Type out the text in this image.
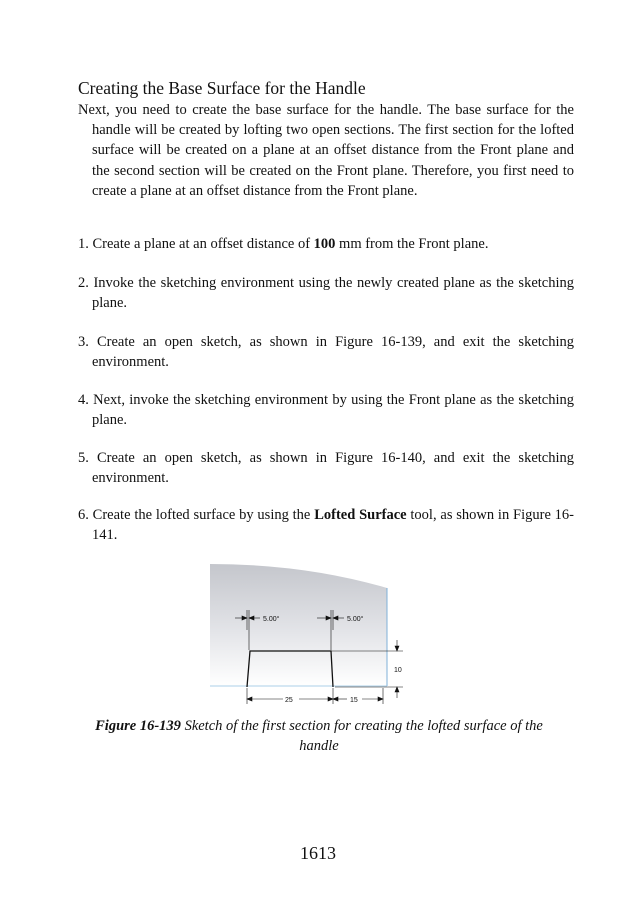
Creating the Base Surface for the Handle
Next, you need to create the base surface for the handle. The base surface for the handle will be created by lofting two open sections. The first section for the lofted surface will be created on a plane at an offset distance from the Front plane and the second section will be created on the Front plane. Therefore, you first need to create a plane at an offset distance from the Front plane.
1. Create a plane at an offset distance of 100 mm from the Front plane.
2. Invoke the sketching environment using the newly created plane as the sketching plane.
3. Create an open sketch, as shown in Figure 16-139, and exit the sketching environment.
4. Next, invoke the sketching environment by using the Front plane as the sketching plane.
5. Create an open sketch, as shown in Figure 16-140, and exit the sketching environment.
6. Create the lofted surface by using the Lofted Surface tool, as shown in Figure 16-141.
5.00°	5.00°
10
25	15
Figure 16-139 Sketch of the first section for creating the lofted surface of the handle
1613
